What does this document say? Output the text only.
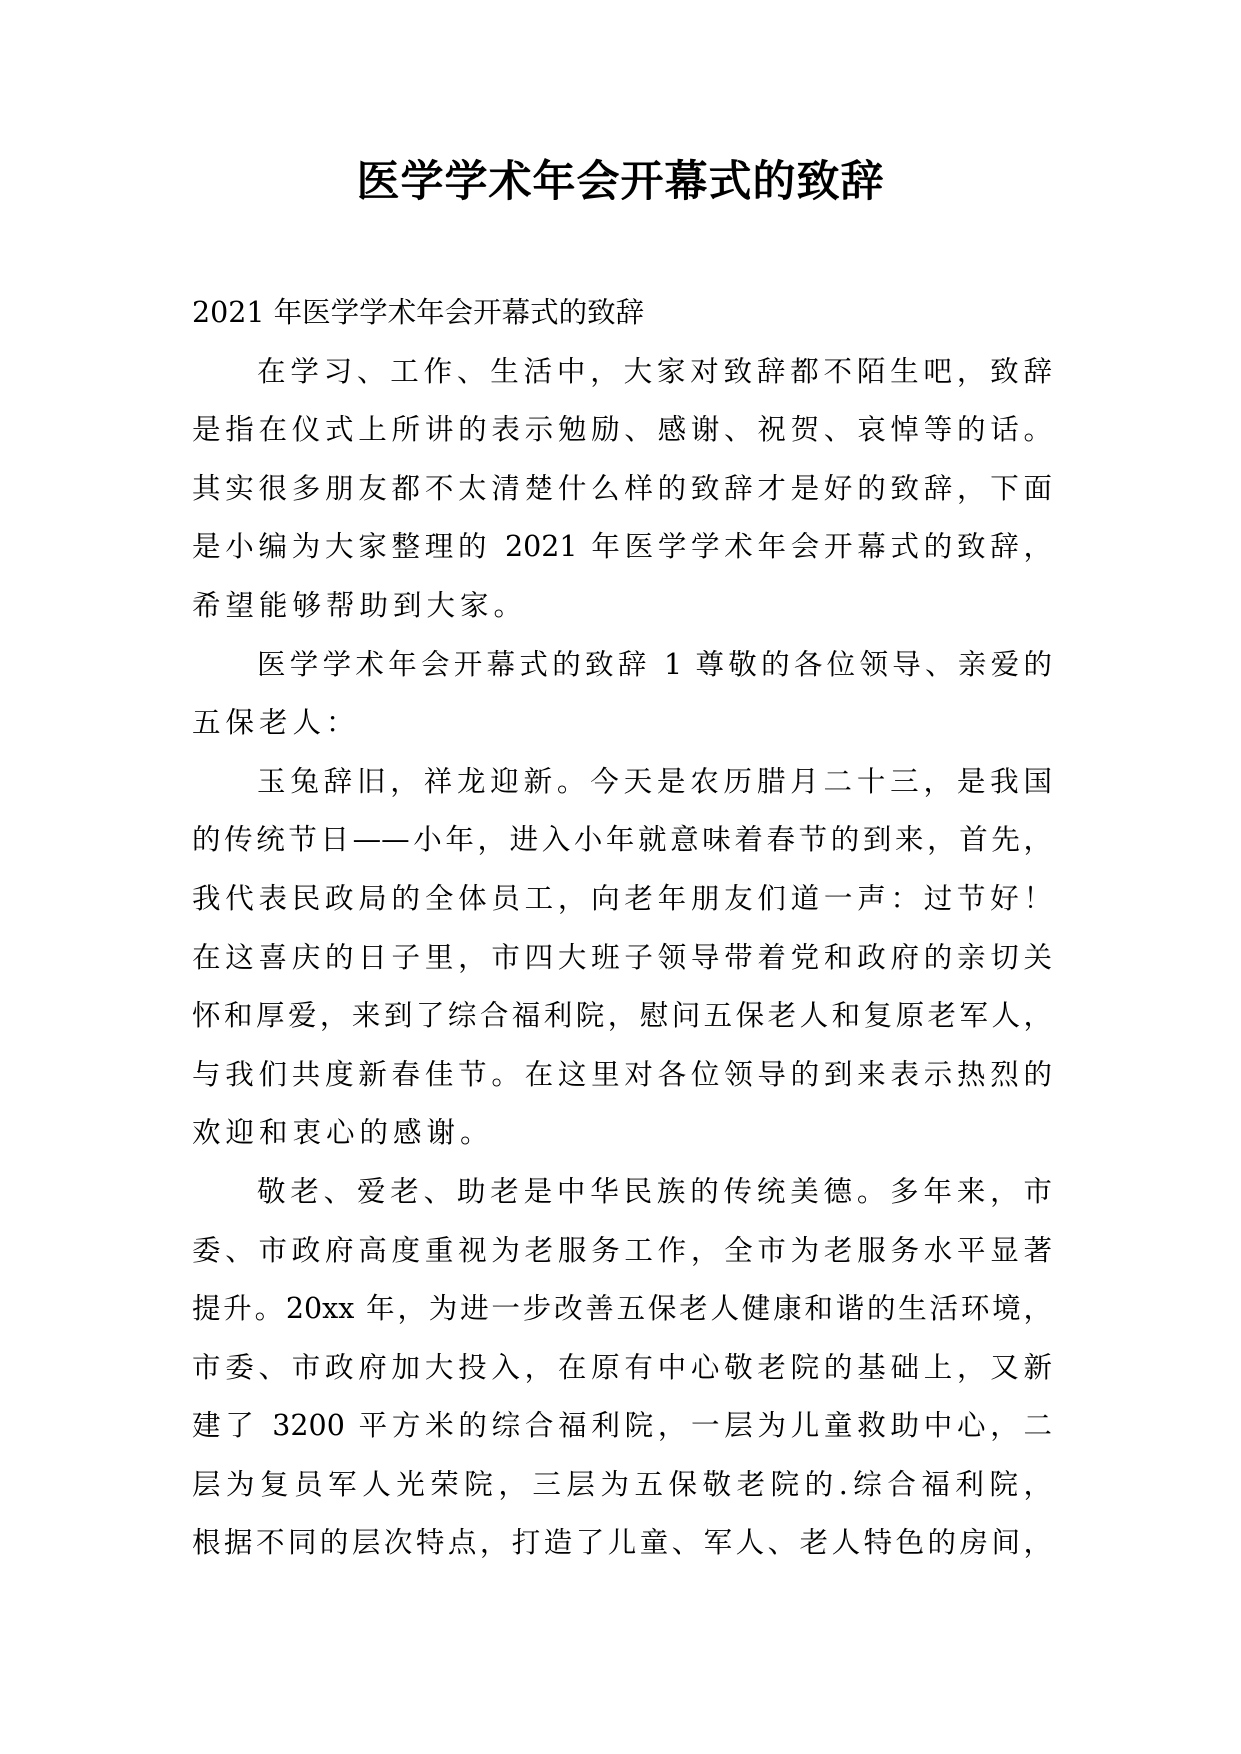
医学学术年会开幕式的致辞
2021 年医学学术年会开幕式的致辞
在学习、工作、生活中，大家对致辞都不陌生吧，致辞
是指在仪式上所讲的表示勉励、感谢、祝贺、哀悼等的话。
其实很多朋友都不太清楚什么样的致辞才是好的致辞，下面
是小编为大家整理的 2021 年医学学术年会开幕式的致辞，
希望能够帮助到大家。
医学学术年会开幕式的致辞 1 尊敬的各位领导、亲爱的
五保老人：
玉兔辞旧，祥龙迎新。今天是农历腊月二十三，是我国
的传统节日——小年，进入小年就意味着春节的到来，首先，
我代表民政局的全体员工，向老年朋友们道一声：过节好！
在这喜庆的日子里，市四大班子领导带着党和政府的亲切关
怀和厚爱，来到了综合福利院，慰问五保老人和复原老军人，
与我们共度新春佳节。在这里对各位领导的到来表示热烈的
欢迎和衷心的感谢。
敬老、爱老、助老是中华民族的传统美德。多年来，市
委、市政府高度重视为老服务工作，全市为老服务水平显著
提升。20xx 年，为进一步改善五保老人健康和谐的生活环境，
市委、市政府加大投入，在原有中心敬老院的基础上，又新
建了 3200 平方米的综合福利院，一层为儿童救助中心，二
层为复员军人光荣院，三层为五保敬老院的.综合福利院，
根据不同的层次特点，打造了儿童、军人、老人特色的房间，
